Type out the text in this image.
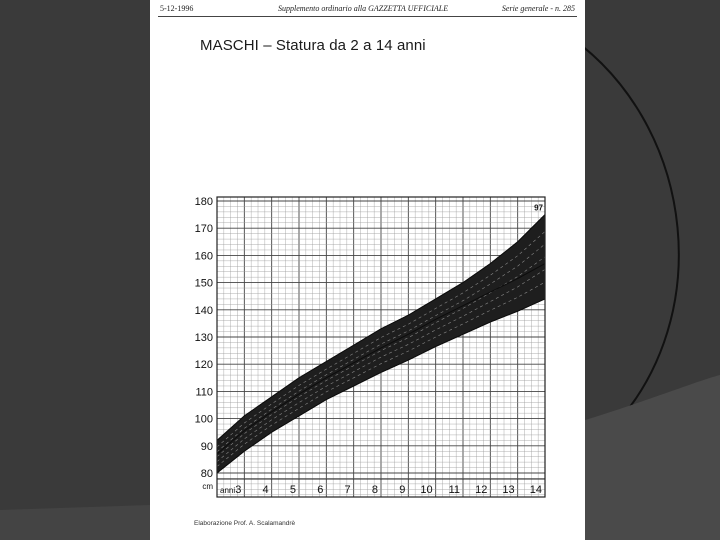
5-12-1996	Supplemento ordinario alla GAZZETTA UFFICIALE	Serie generale - n. 285
MASCHI – Statura da 2 a 14 anni
80
90
100
110
120
130
140
150
160
170
180
cm 3 4 5 6 7 8 9 10 11 12 13 14
anni
97
Elaborazione Prof. A. Scalamandrè
